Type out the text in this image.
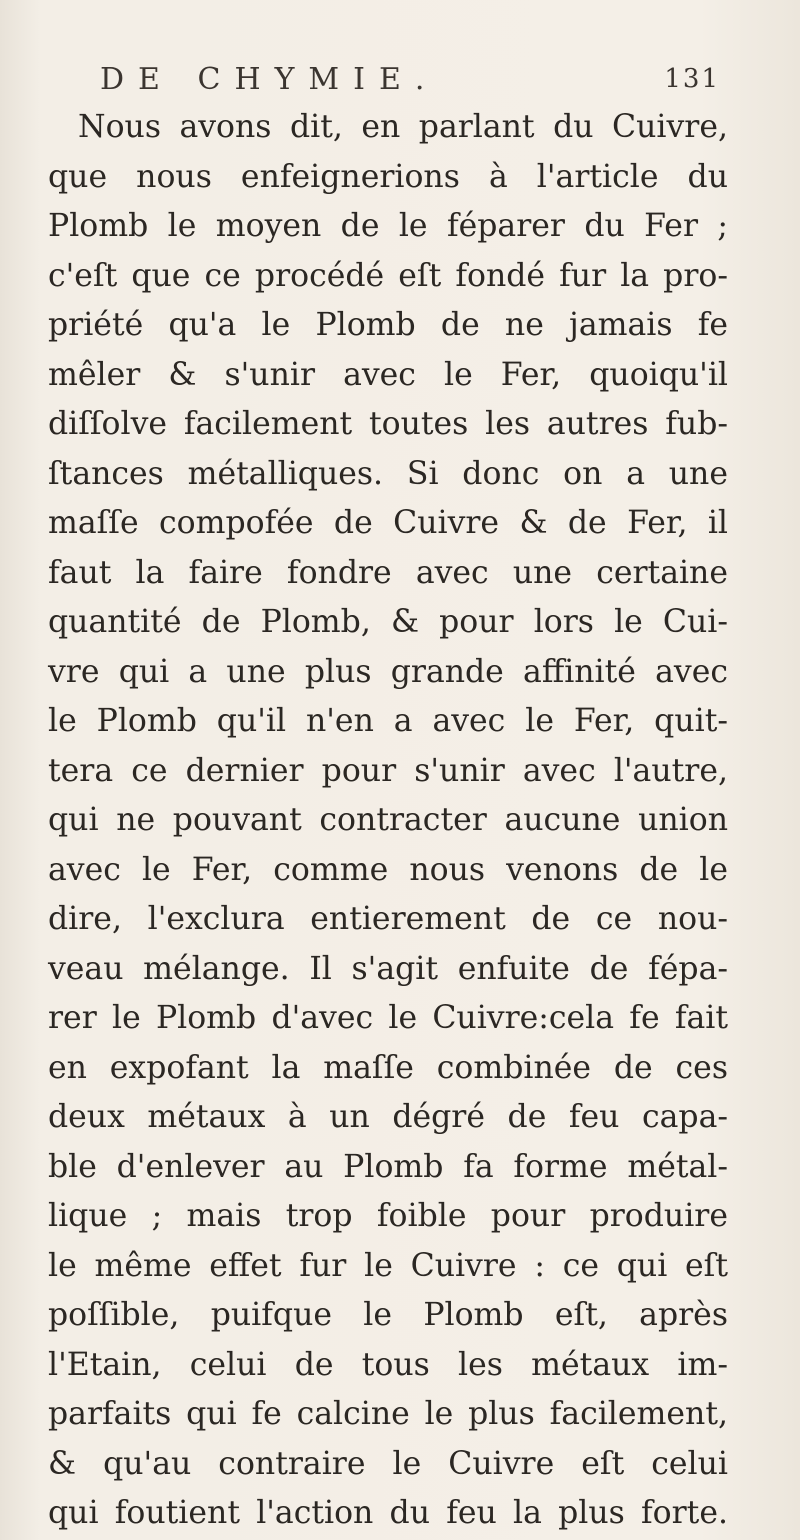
DE CHYMIE.	131
Nous avons dit, en parlant du Cuivre,
que nous enfeignerions à l'article du
Plomb le moyen de le féparer du Fer ;
c'eſt que ce procédé eſt fondé fur la pro-
priété qu'a le Plomb de ne jamais fe
mêler & s'unir avec le Fer, quoiqu'il
diſſolve facilement toutes les autres fub-
ſtances métalliques. Si donc on a une
maſſe compofée de Cuivre & de Fer, il
faut la faire fondre avec une certaine
quantité de Plomb, & pour lors le Cui-
vre qui a une plus grande affinité avec
le Plomb qu'il n'en a avec le Fer, quit-
tera ce dernier pour s'unir avec l'autre,
qui ne pouvant contracter aucune union
avec le Fer, comme nous venons de le
dire, l'exclura entierement de ce nou-
veau mélange. Il s'agit enfuite de fépa-
rer le Plomb d'avec le Cuivre:cela fe fait
en expofant la maſſe combinée de ces
deux métaux à un dégré de feu capa-
ble d'enlever au Plomb fa forme métal-
lique ; mais trop foible pour produire
le même effet fur le Cuivre : ce qui eſt
poſſible, puifque le Plomb eſt, après
l'Etain, celui de tous les métaux im-
parfaits qui fe calcine le plus facilement,
& qu'au contraire le Cuivre eſt celui
qui foutient l'action du feu la plus forte.
